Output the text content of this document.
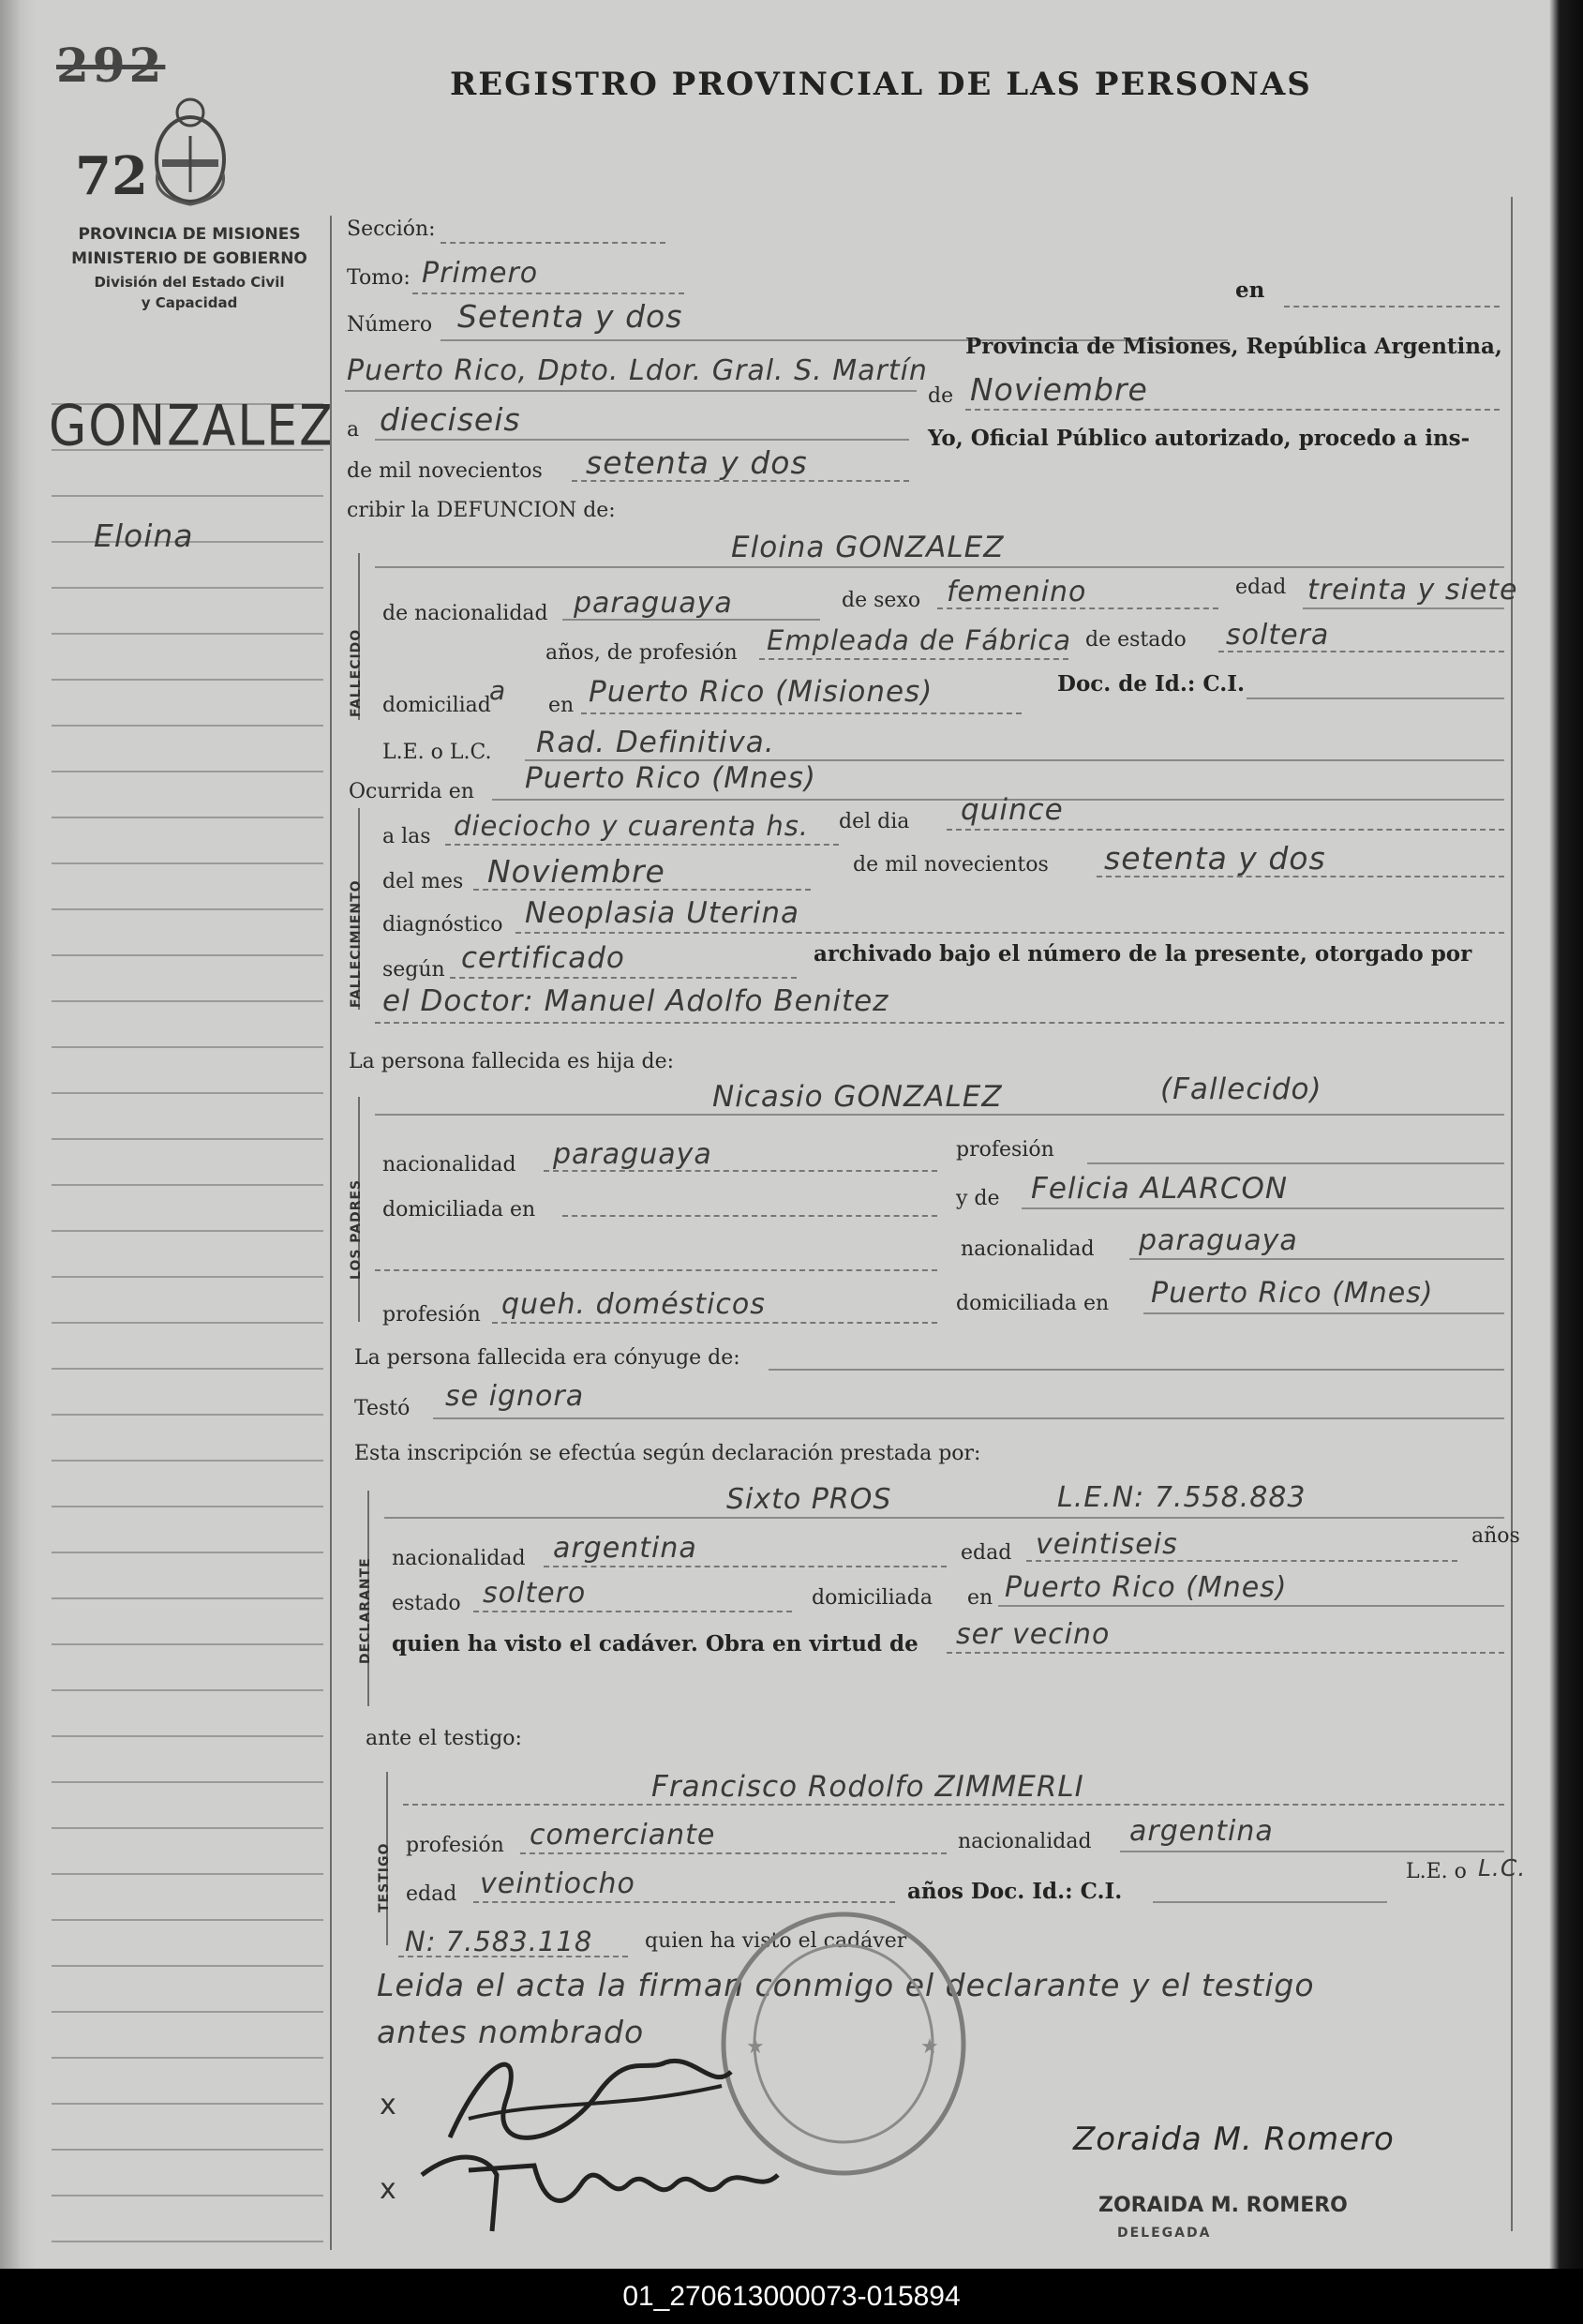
292
72
PROVINCIA DE MISIONES
MINISTERIO DE GOBIERNO
División del Estado Civil
y Capacidad
REGISTRO PROVINCIAL DE LAS PERSONAS
GONZALEZ
Eloina
Sección:
Tomo: Primero
en
Número Setenta y dos
Puerto Rico, Dpto. Ldor. Gral. S. Martín
Provincia de Misiones, República Argentina,
a dieciseis
de Noviembre
de mil novecientos setenta y dos
Yo, Oficial Público autorizado, procedo a ins-
cribir la DEFUNCION de:
FALLECIDO
Eloina GONZALEZ
de nacionalidad paraguaya	de sexo femenino	edad treinta y siete
años, de profesión Empleada de Fábrica de estado soltera
domiciliad
a en Puerto Rico (Misiones)	Doc. de Id.: C.I.
L.E. o L.C. Rad. Definitiva.
Ocurrida en Puerto Rico (Mnes)
FALLECIMIENTO
a las dieciocho y cuarenta hs. del dia quince
del mes Noviembre	de mil novecientos setenta y dos
diagnóstico Neoplasia Uterina
según certificado	archivado bajo el número de la presente, otorgado por
el Doctor: Manuel Adolfo Benitez
La persona fallecida es hija de:
LOS PADRES
Nicasio GONZALEZ	(Fallecido)
nacionalidad paraguaya	profesión
domiciliada en	y de Felicia ALARCON
nacionalidad paraguaya
profesión queh. domésticos	domiciliada en Puerto Rico (Mnes)
La persona fallecida era cónyuge de:
Testó se ignora
Esta inscripción se efectúa según declaración prestada por:
DECLARANTE
Sixto PROS	L.E.N: 7.558.883
nacionalidad argentina	edad veintiseis	años
estado soltero	domiciliada en Puerto Rico (Mnes)
quien ha visto el cadáver. Obra en virtud de ser vecino
ante el testigo:
TESTIGO
Francisco Rodolfo ZIMMERLI
profesión comerciante	nacionalidad argentina
edad veintiocho	años Doc. Id.: C.I.
L.E. o L.C.
N: 7.583.118	quien ha visto el cadáver
Leida el acta la firman conmigo el declarante y el testigo
antes nombrado	★	★
x
x
Zoraida M. Romero
ZORAIDA M. ROMERO
DELEGADA
01_270613000073-015894
